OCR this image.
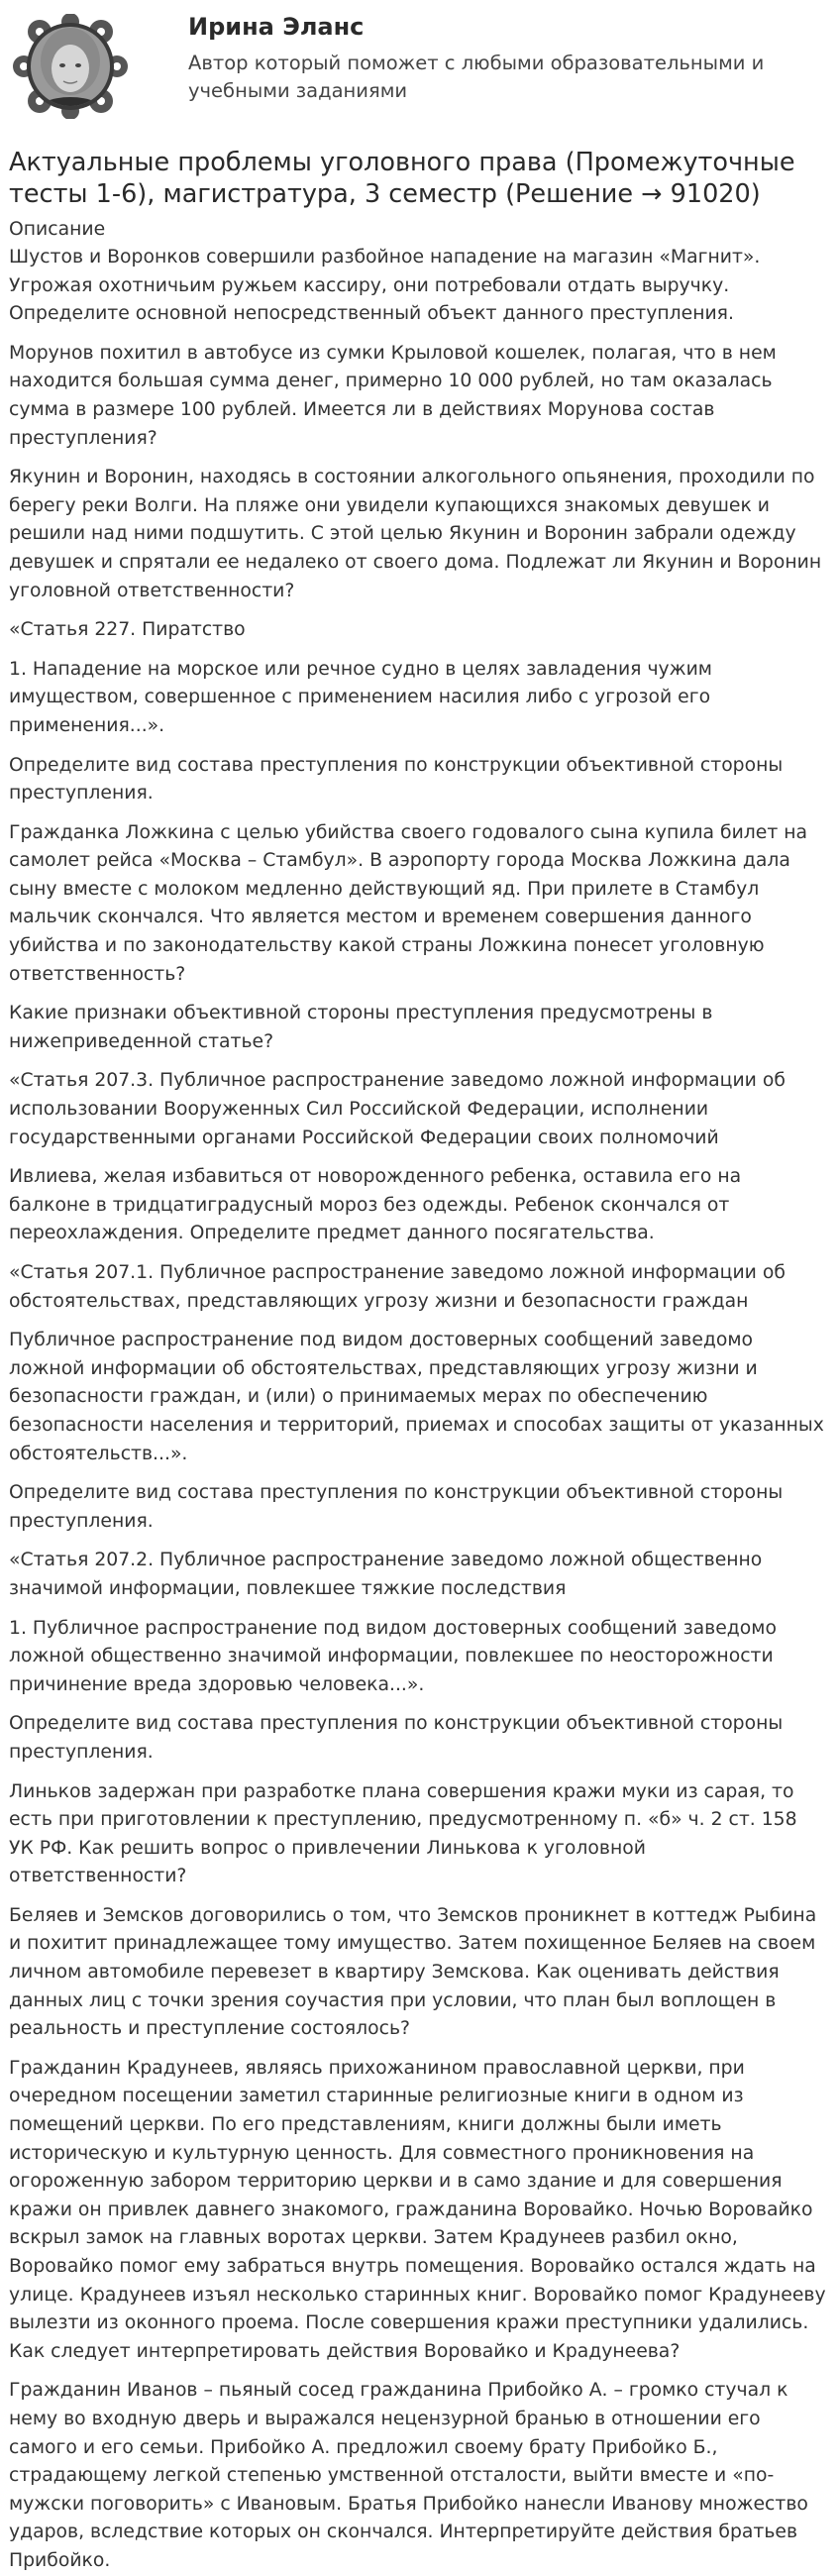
Ирина Эланс

Автор который поможет с любыми образовательными и учебными заданиями

Актуальные проблемы уголовного права (Промежуточные тесты 1-6), магистратура, 3 семестр (Решение → 91020)
Описание

Шустов и Воронков совершили разбойное нападение на магазин «Магнит». Угрожая охотничьим ружьем кассиру, они потребовали отдать выручку. Определите основной непосредственный объект данного преступления.

Морунов похитил в автобусе из сумки Крыловой кошелек, полагая, что в нем находится большая сумма денег, примерно 10 000 рублей, но там оказалась сумма в размере 100 рублей. Имеется ли в действиях Морунова состав преступления?

Якунин и Воронин, находясь в состоянии алкогольного опьянения, проходили по берегу реки Волги. На пляже они увидели купающихся знакомых девушек и решили над ними подшутить. С этой целью Якунин и Воронин забрали одежду девушек и спрятали ее недалеко от своего дома. Подлежат ли Якунин и Воронин уголовной ответственности?

«Статья 227. Пиратство

1. Нападение на морское или речное судно в целях завладения чужим имуществом, совершенное с применением насилия либо с угрозой его применения...».

Определите вид состава преступления по конструкции объективной стороны преступления.

Гражданка Ложкина с целью убийства своего годовалого сына купила билет на самолет рейса «Москва – Стамбул». В аэропорту города Москва Ложкина дала сыну вместе с молоком медленно действующий яд. При прилете в Стамбул мальчик скончался. Что является местом и временем совершения данного убийства и по законодательству какой страны Ложкина понесет уголовную ответственность?

Какие признаки объективной стороны преступления предусмотрены в нижеприведенной статье?

«Статья 207.3. Публичное распространение заведомо ложной информации об использовании Вооруженных Сил Российской Федерации, исполнении государственными органами Российской Федерации своих полномочий

Ивлиева, желая избавиться от новорожденного ребенка, оставила его на балконе в тридцатиградусный мороз без одежды. Ребенок скончался от переохлаждения. Определите предмет данного посягательства.

«Статья 207.1. Публичное распространение заведомо ложной информации об обстоятельствах, представляющих угрозу жизни и безопасности граждан

Публичное распространение под видом достоверных сообщений заведомо ложной информации об обстоятельствах, представляющих угрозу жизни и безопасности граждан, и (или) о принимаемых мерах по обеспечению безопасности населения и территорий, приемах и способах защиты от указанных обстоятельств...».

Определите вид состава преступления по конструкции объективной стороны преступления.

«Статья 207.2. Публичное распространение заведомо ложной общественно значимой информации, повлекшее тяжкие последствия

1. Публичное распространение под видом достоверных сообщений заведомо ложной общественно значимой информации, повлекшее по неосторожности причинение вреда здоровью человека...».

Определите вид состава преступления по конструкции объективной стороны преступления.

Линьков задержан при разработке плана совершения кражи муки из сарая, то есть при приготовлении к преступлению, предусмотренному п. «б» ч. 2 ст. 158 УК РФ. Как решить вопрос о привлечении Линькова к уголовной ответственности?

Беляев и Земсков договорились о том, что Земсков проникнет в коттедж Рыбина и похитит принадлежащее тому имущество. Затем похищенное Беляев на своем личном автомобиле перевезет в квартиру Земскова. Как оценивать действия данных лиц с точки зрения соучастия при условии, что план был воплощен в реальность и преступление состоялось?

Гражданин Крадунеев, являясь прихожанином православной церкви, при очередном посещении заметил старинные религиозные книги в одном из помещений церкви. По его представлениям, книги должны были иметь историческую и культурную ценность. Для совместного проникновения на огороженную забором территорию церкви и в само здание и для совершения кражи он привлек давнего знакомого, гражданина Воровайко. Ночью Воровайко вскрыл замок на главных воротах церкви. Затем Крадунеев разбил окно, Воровайко помог ему забраться внутрь помещения. Воровайко остался ждать на улице. Крадунеев изъял несколько старинных книг. Воровайко помог Крадунееву вылезти из оконного проема. После совершения кражи преступники удалились. Как следует интерпретировать действия Воровайко и Крадунеева?

Гражданин Иванов – пьяный сосед гражданина Прибойко А. – громко стучал к нему во входную дверь и выражался нецензурной бранью в отношении его самого и его семьи. Прибойко А. предложил своему брату Прибойко Б., страдающему легкой степенью умственной отсталости, выйти вместе и «по-мужски поговорить» с Ивановым. Братья Прибойко нанесли Иванову множество ударов, вследствие которых он скончался. Интерпретируйте действия братьев Прибойко.
